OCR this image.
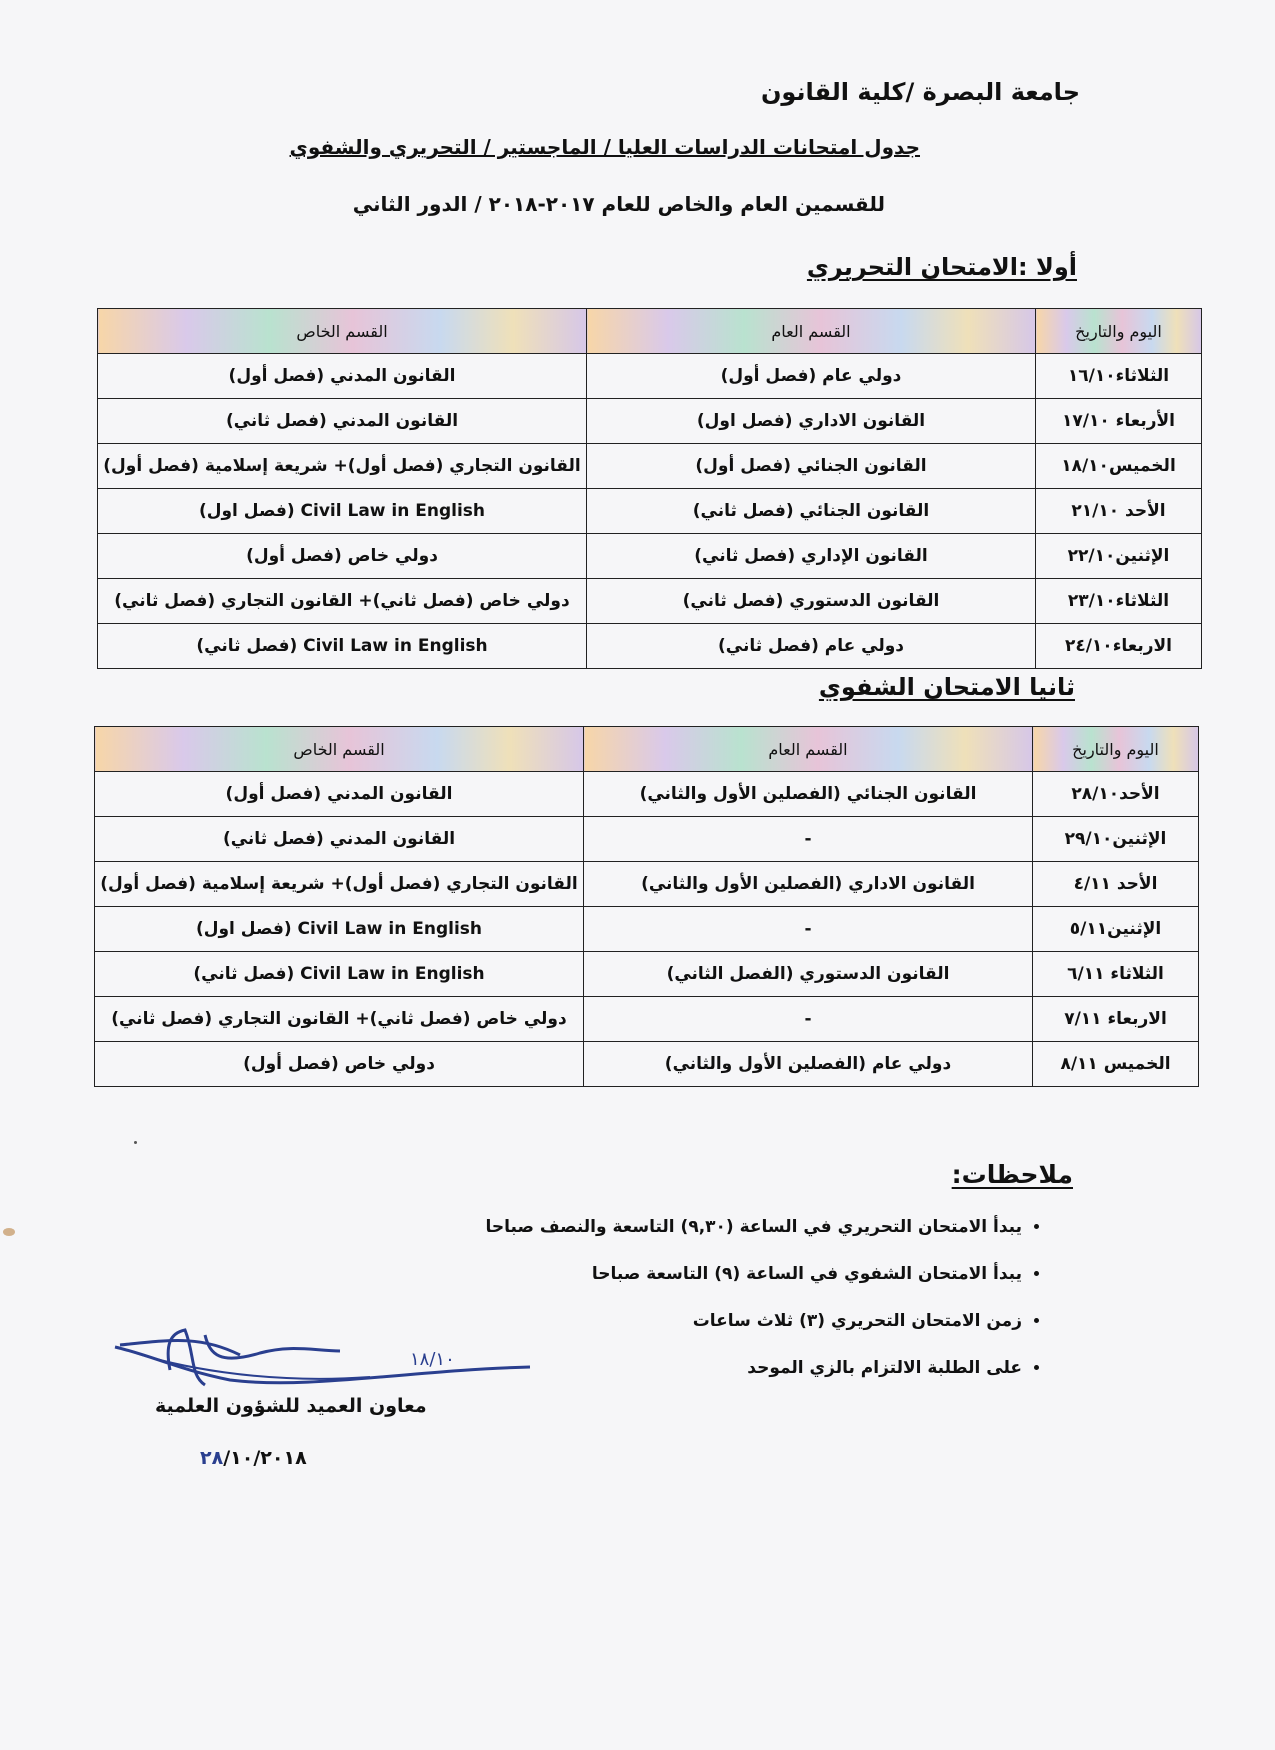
جامعة البصرة /كلية القانون
جدول امتحانات الدراسات العليا / الماجستير / التحريري والشفوي
للقسمين العام والخاص للعام ٢٠١٧-٢٠١٨ / الدور الثاني
أولا :الامتحان التحريري
اليوم والتاريخ	القسم العام	القسم الخاص
الثلاثاء١٦/١٠	دولي عام (فصل أول)	القانون المدني (فصل أول)
الأربعاء ١٧/١٠	القانون الاداري (فصل اول)	القانون المدني (فصل ثاني)
الخميس١٨/١٠	القانون الجنائي (فصل أول)	القانون التجاري (فصل أول)+ شريعة إسلامية (فصل أول)
الأحد ٢١/١٠	القانون الجنائي (فصل ثاني)	Civil Law in English (فصل اول)
الإثنين٢٢/١٠	القانون الإداري (فصل ثاني)	دولي خاص (فصل أول)
الثلاثاء٢٣/١٠	القانون الدستوري (فصل ثاني)	دولي خاص (فصل ثاني)+ القانون التجاري (فصل ثاني)
الاربعاء٢٤/١٠	دولي عام (فصل ثاني)	Civil Law in English (فصل ثاني)
ثانيا الامتحان الشفوي
اليوم والتاريخ	القسم العام	القسم الخاص
الأحد٢٨/١٠	القانون الجنائي (الفصلين الأول والثاني)	القانون المدني (فصل أول)
الإثنين٢٩/١٠	-	القانون المدني (فصل ثاني)
الأحد ٤/١١	القانون الاداري (الفصلين الأول والثاني)	القانون التجاري (فصل أول)+ شريعة إسلامية (فصل أول)
الإثنين٥/١١	-	Civil Law in English (فصل اول)
الثلاثاء ٦/١١	القانون الدستوري (الفصل الثاني)	Civil Law in English (فصل ثاني)
الاربعاء ٧/١١	-	دولي خاص (فصل ثاني)+ القانون التجاري (فصل ثاني)
الخميس ٨/١١	دولي عام (الفصلين الأول والثاني)	دولي خاص (فصل أول)
ملاحظات:
• يبدأ الامتحان التحريري في الساعة (٩,٣٠) التاسعة والنصف صباحا
• يبدأ الامتحان الشفوي في الساعة (٩) التاسعة صباحا
• زمن الامتحان التحريري (٣) ثلاث ساعات
• على الطلبة الالتزام بالزي الموحد
١٨/١٠
معاون العميد للشؤون العلمية
٢٨/١٠/٢٠١٨
